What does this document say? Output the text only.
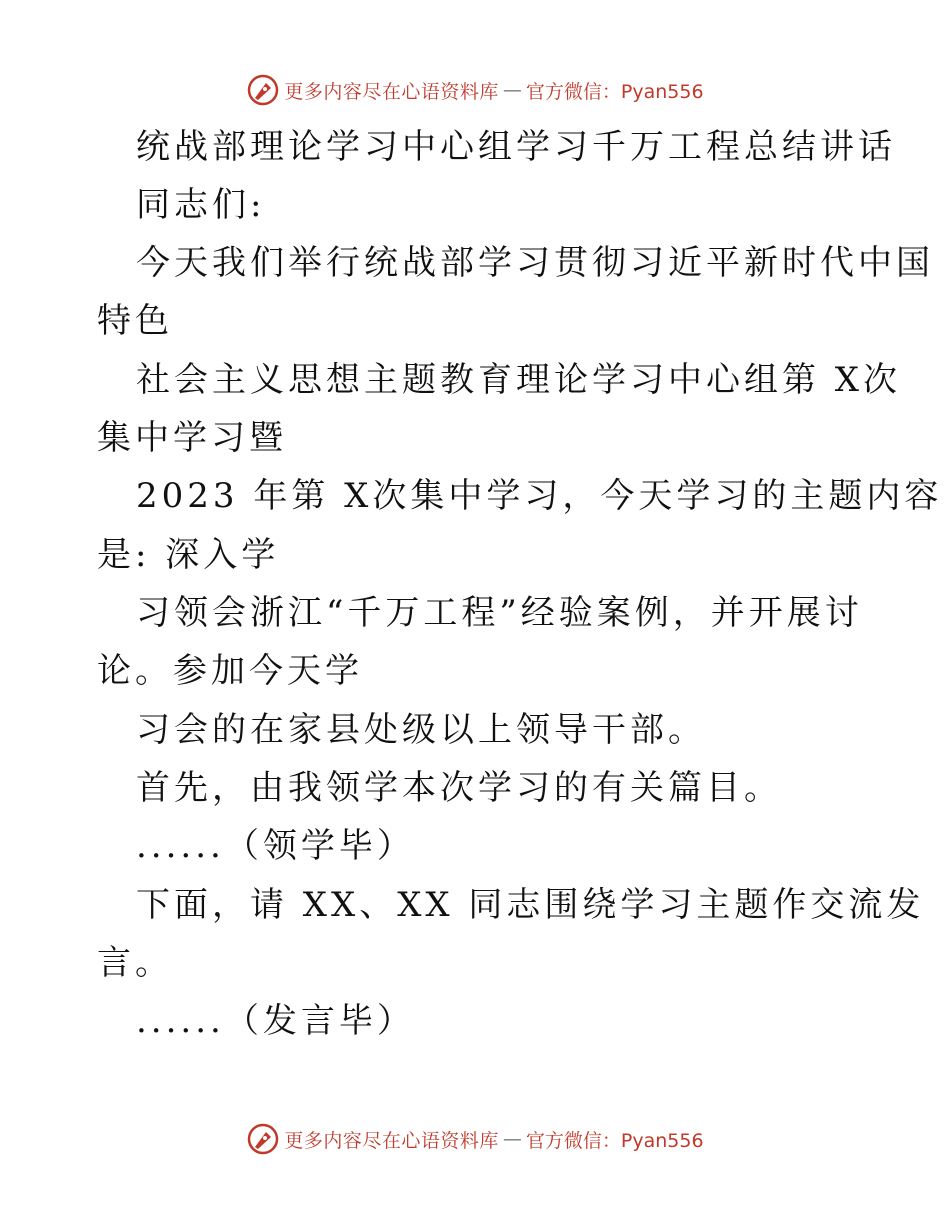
更多内容尽在心语资料库 — 官方微信：Pyan556
统战部理论学习中心组学习千万工程总结讲话
同志们:
今天我们举行统战部学习贯彻习近平新时代中国
特色
社会主义思想主题教育理论学习中心组第 X次
集中学习暨
2023 年第 X次集中学习，今天学习的主题内容
是: 深入学
习领会浙江“千万工程”经验案例，并开展讨
论。参加今天学
习会的在家县处级以上领导干部。
首先，由我领学本次学习的有关篇目。
......（领学毕）
下面，请 XX、XX 同志围绕学习主题作交流发
言。
......（发言毕）
更多内容尽在心语资料库 — 官方微信：Pyan556
